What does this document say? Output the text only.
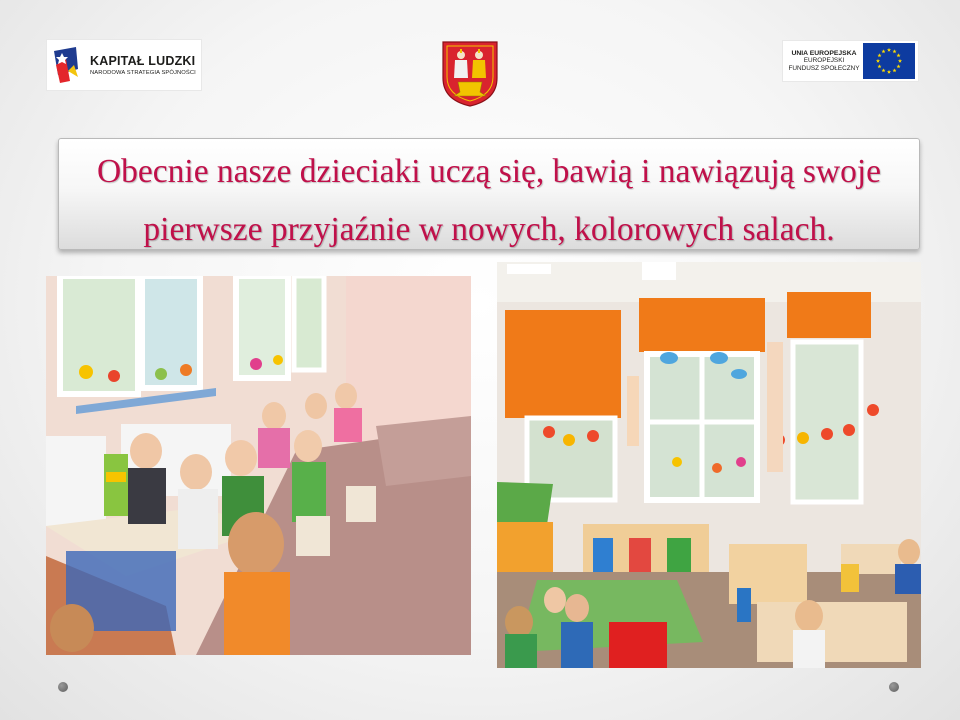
KAPITAŁ LUDZKI
NARODOWA STRATEGIA SPÓJNOŚCI
UNIA EUROPEJSKA
EUROPEJSKI
FUNDUSZ SPOŁECZNY
Obecnie nasze dzieciaki uczą się, bawią i nawiązują swoje pierwsze przyjaźnie w nowych, kolorowych salach.
